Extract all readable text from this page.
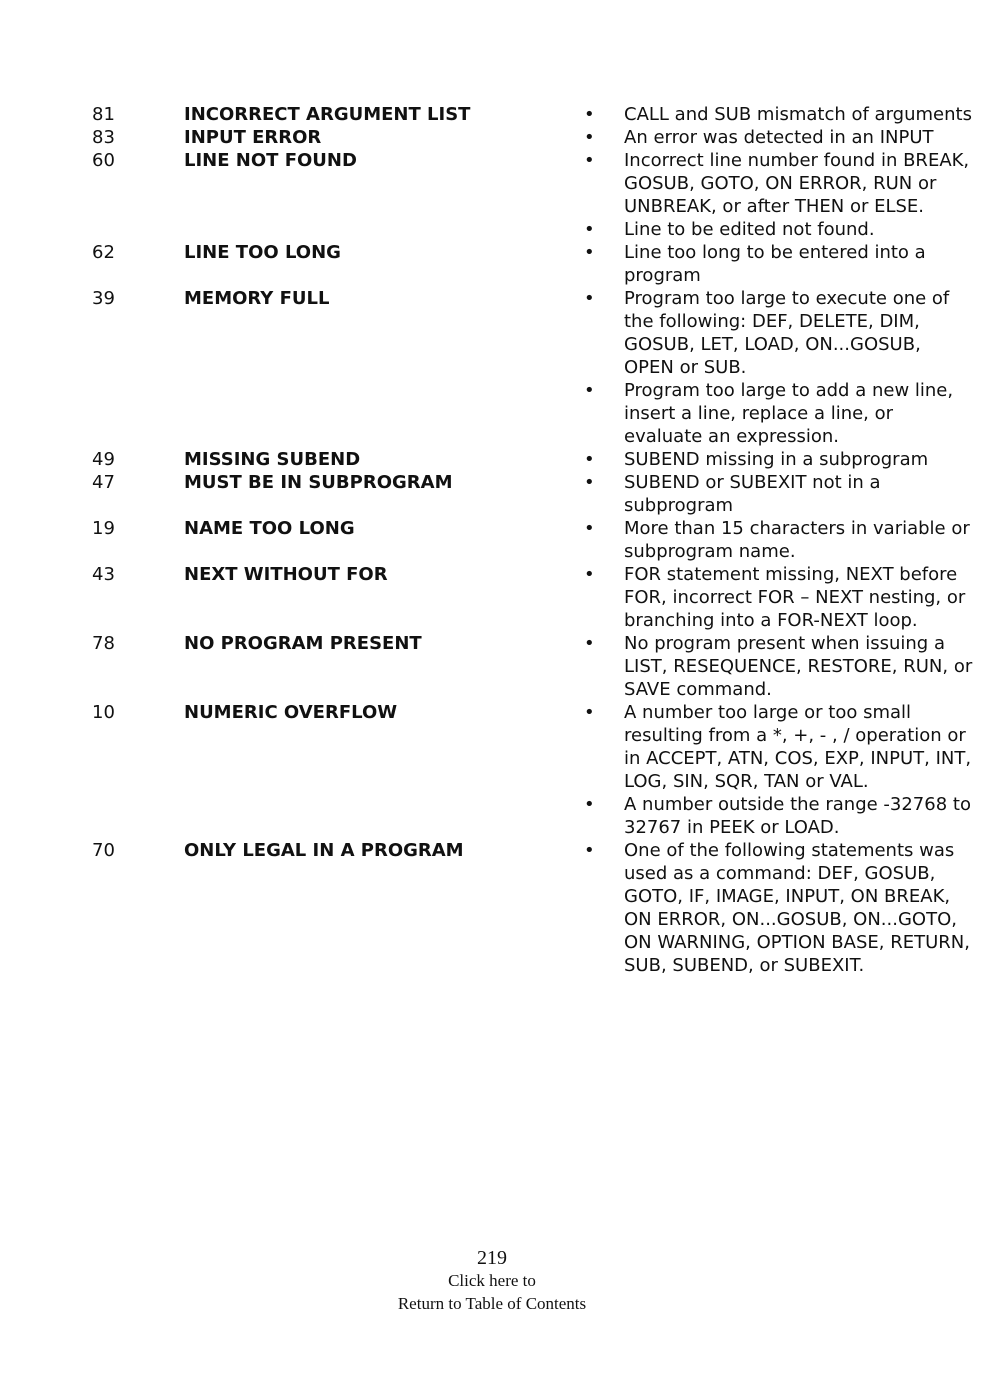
81	INCORRECT ARGUMENT LIST	•	CALL and SUB mismatch of arguments
83	INPUT ERROR	•	An error was detected in an INPUT
60	LINE NOT FOUND	•	Incorrect line number found in BREAK, GOSUB, GOTO, ON ERROR, RUN or UNBREAK, or after THEN or ELSE.
•	Line to be edited not found.
62	LINE TOO LONG	•	Line too long to be entered into a program
39	MEMORY FULL	•	Program too large to execute one of the following: DEF, DELETE, DIM, GOSUB, LET, LOAD, ON...GOSUB, OPEN or SUB.
•	Program too large to add a new line, insert a line, replace a line, or evaluate an expression.
49	MISSING SUBEND	•	SUBEND missing in a subprogram
47	MUST BE IN SUBPROGRAM	•	SUBEND or SUBEXIT not in a subprogram
19	NAME TOO LONG	•	More than 15 characters in variable or subprogram name.
43	NEXT WITHOUT FOR	•	FOR statement missing, NEXT before FOR, incorrect FOR – NEXT nesting, or branching into a FOR-NEXT loop.
78	NO PROGRAM PRESENT	•	No program present when issuing a LIST, RESEQUENCE, RESTORE, RUN, or SAVE command.
10	NUMERIC OVERFLOW	•	A number too large or too small resulting from a *, +, - , / operation or in ACCEPT, ATN, COS, EXP, INPUT, INT, LOG, SIN, SQR, TAN or VAL.
•	A number outside the range -32768 to 32767 in PEEK or LOAD.
70	ONLY LEGAL IN A PROGRAM	•	One of the following statements was used as a command: DEF, GOSUB, GOTO, IF, IMAGE, INPUT, ON BREAK, ON ERROR, ON...GOSUB, ON...GOTO, ON WARNING, OPTION BASE, RETURN, SUB, SUBEND, or SUBEXIT.
219
Click here to
Return to Table of Contents
